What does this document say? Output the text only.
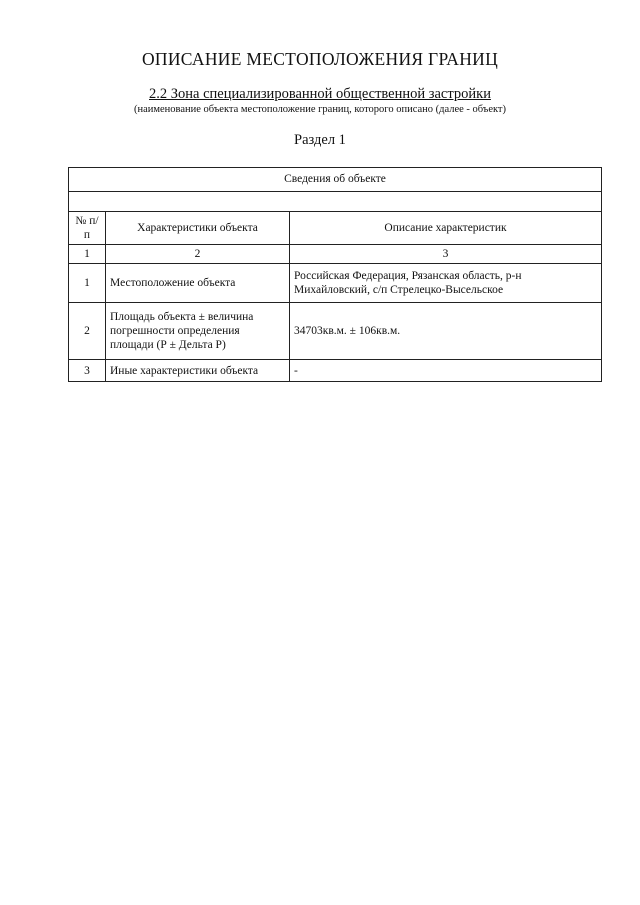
ОПИСАНИЕ МЕСТОПОЛОЖЕНИЯ ГРАНИЦ
2.2 Зона специализированной общественной застройки
(наименование объекта местоположение границ, которого описано (далее - объект)
Раздел 1
Сведения об объекте		

№ п/п	Характеристики объекта	Описание характеристик
1	2	3
1	Местоположение объекта	Российская Федерация, Рязанская область, р-н Михайловский, с/п Стрелецко-Высельское
2	Площадь объекта ± величина погрешности определения площади (Р ± Дельта Р)	34703кв.м. ± 106кв.м.
3	Иные характеристики объекта	-
